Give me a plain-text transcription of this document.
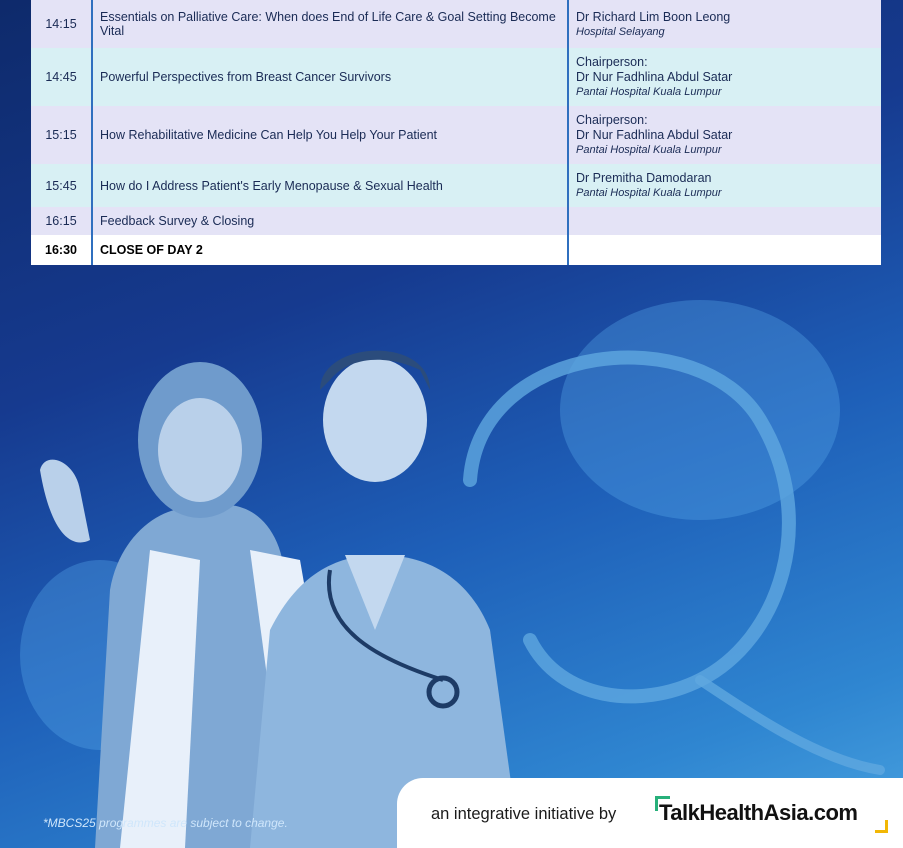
14:15	Essentials on Palliative Care: When does End of Life Care & Goal Setting Become Vital	Dr Richard Lim Boon Leong
Hospital Selayang

14:45	Powerful Perspectives from Breast Cancer Survivors	Chairperson:
Dr Nur Fadhlina Abdul Satar
Pantai Hospital Kuala Lumpur

15:15	How Rehabilitative Medicine Can Help You Help Your Patient	Chairperson:
Dr Nur Fadhlina Abdul Satar
Pantai Hospital Kuala Lumpur

15:45	How do I Address Patient's Early Menopause & Sexual Health	Dr Premitha Damodaran
Pantai Hospital Kuala Lumpur

16:15	Feedback Survey & Closing	
16:30	CLOSE OF DAY 2	
*MBCS25 programmes are subject to change.	an integrative initiative by TalkHealthAsia.com
